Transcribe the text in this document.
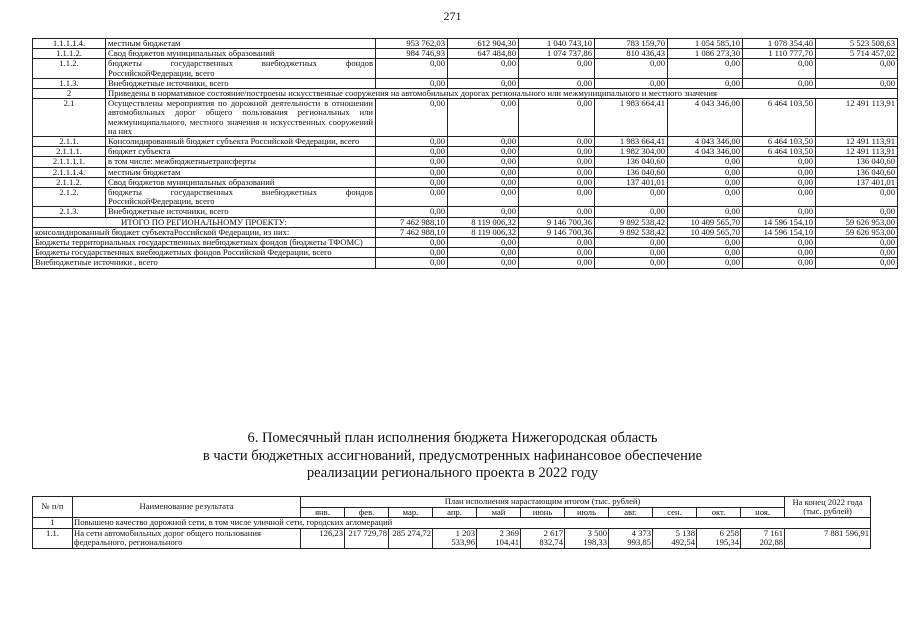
271
1.1.1.1.4.	местным бюджетам	953 762,03	612 904,30	1 040 743,10	783 159,70	1 054 585,10	1 078 354,40	5 523 508,63
1.1.1.2.	Свод бюджетов муниципальных образований	984 746,93	647 484,80	1 074 737,86	810 436,43	1 086 273,30	1 110 777,70	5 714 457,02
1.1.2.	бюджеты государственных внебюджетных фондов РоссийскойФедерации, всего	0,00	0,00	0,00	0,00	0,00	0,00	0,00
1.1.3.	Внебюджетные источники, всего	0,00	0,00	0,00	0,00	0,00	0,00	0,00
2	Приведены в нормативное состояние/построены искусственные сооружения на автомобильных дорогах регионального или межмуниципального и местного значения							
2.1	Осуществлены мероприятия по дорожной деятельности в отношении автомобильных дорог общего пользования региональных или межмуниципального, местного значения и искусственных сооружений на них	0,00	0,00	0,00	1 983 664,41	4 043 346,00	6 464 103,50	12 491 113,91
2.1.1.	Консолидированный бюджет субъекта Российской Федерации, всего	0,00	0,00	0,00	1 983 664,41	4 043 346,00	6 464 103,50	12 491 113,91
2.1.1.1.	бюджет субъекта	0,00	0,00	0,00	1 982 304,00	4 043 346,00	6 464 103,50	12 491 113,91
2.1.1.1.1.	в том числе: межбюджетныетрансферты	0,00	0,00	0,00	136 040,60	0,00	0,00	136 040,60
2.1.1.1.4.	местным бюджетам	0,00	0,00	0,00	136 040,60	0,00	0,00	136 040,60
2.1.1.2.	Свод бюджетов муниципальных образований	0,00	0,00	0,00	137 401,01	0,00	0,00	137 401,01
2.1.2.	бюджеты государственных внебюджетных фондов РоссийскойФедерации, всего	0,00	0,00	0,00	0,00	0,00	0,00	0,00
2.1.3.	Внебюджетные источники, всего	0,00	0,00	0,00	0,00	0,00	0,00	0,00
ИТОГО ПО РЕГИОНАЛЬНОМУ ПРОЕКТУ:		7 462 988,10	8 119 006,32	9 146 700,36	9 892 538,42	10 409 565,70	14 596 154,10	59 626 953,00
консолидированный бюджет субъектаРоссийской Федерации, из них:		7 462 988,10	8 119 006,32	9 146 700,36	9 892 538,42	10 409 565,70	14 596 154,10	59 626 953,00
Бюджеты территориальных государственных внебюджетных фондов (бюджеты ТФОМС)		0,00	0,00	0,00	0,00	0,00	0,00	0,00
Бюджеты государственных внебюджетных фондов Российской Федерации, всего		0,00	0,00	0,00	0,00	0,00	0,00	0,00
Внебюджетные источники , всего		0,00	0,00	0,00	0,00	0,00	0,00	0,00
6. Помесячный план исполнения бюджета Нижегородская область
в части бюджетных ассигнований, предусмотренных нафинансовое обеспечение
реализации регионального проекта в 2022 году
№ п/п	Наименование результата	План исполнения нарастающим итогом (тыс. рублей)											На конец 2022 года (тыс. рублей)
		янв.	фев.	мар.	апр.	май	июнь	июль	авг.	сен.	окт.	ноя.	
1	Повышено качество дорожной сети, в том числе уличной сети, городских агломераций												
1.1.	На сети автомобильных дорог общего пользования федерального, регионального	126,23	217 729,78	285 274,72	1 203 533,96	2 369 104,41	2 617 832,74	3 500 198,33	4 373 993,85	5 138 492,54	6 258 195,34	7 161 202,88	7 881 596,91
